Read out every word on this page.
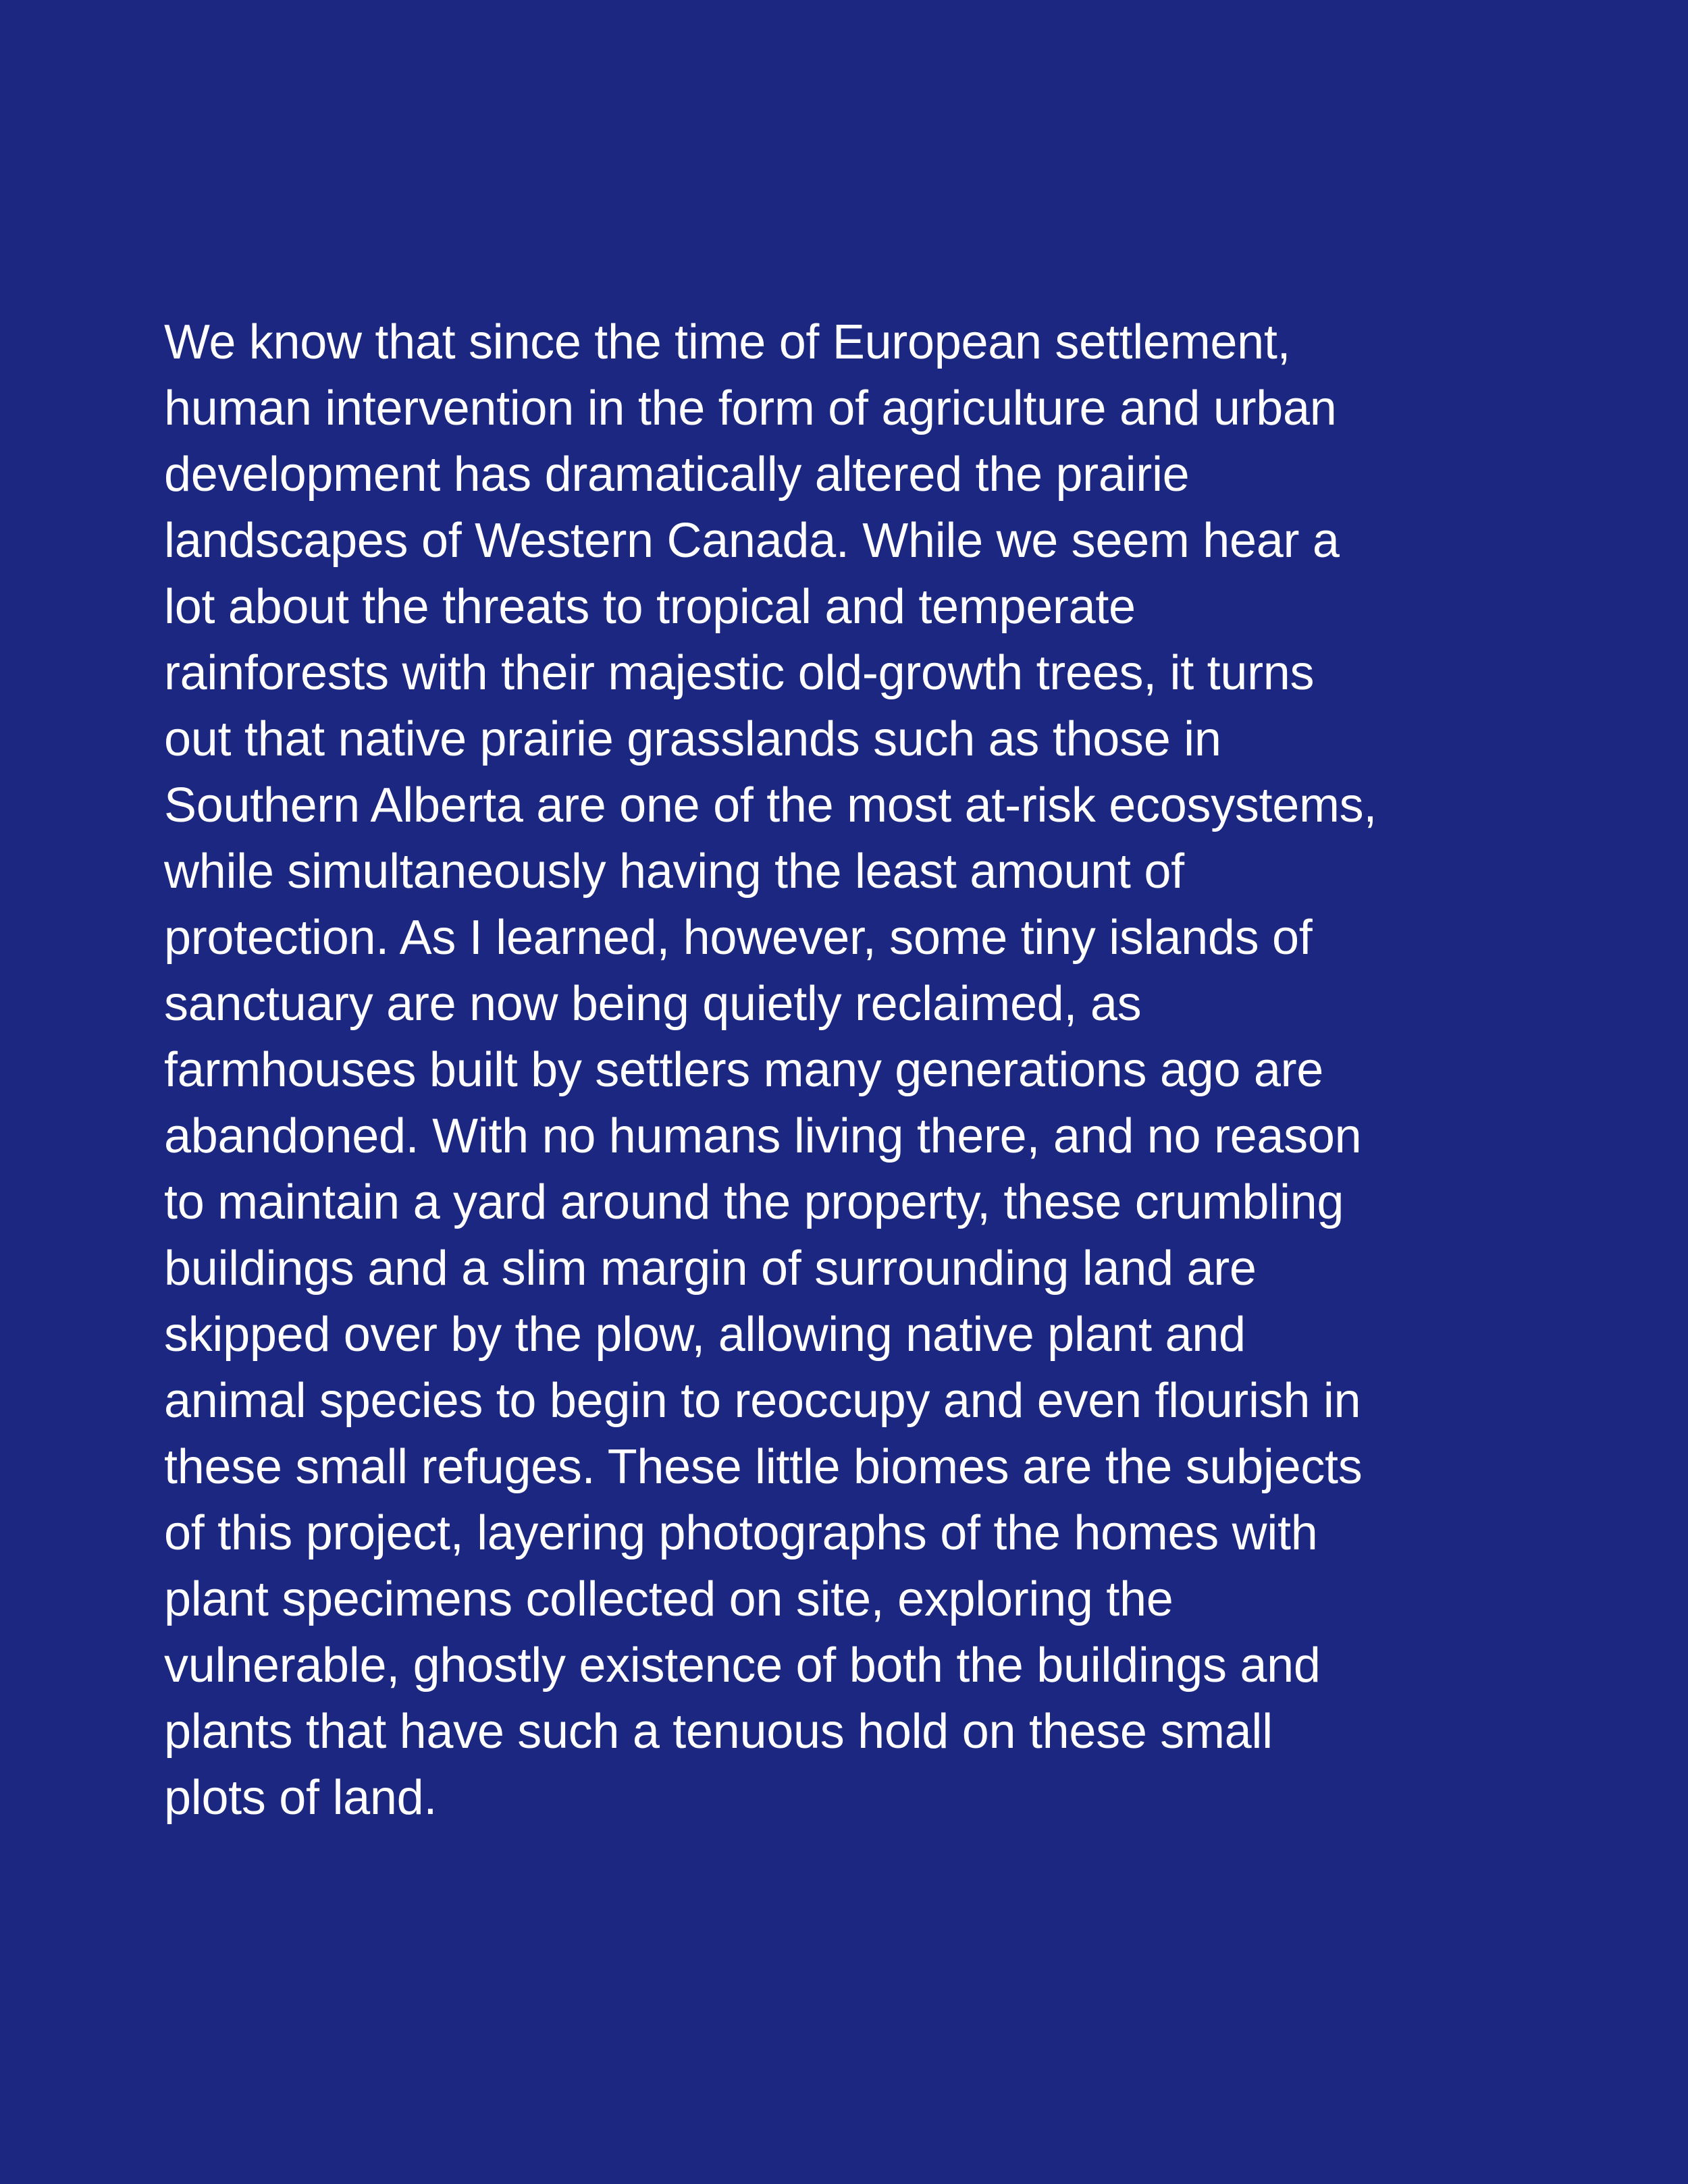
We know that since the time of European settlement,
human intervention in the form of agriculture and urban
development has dramatically altered the prairie
landscapes of Western Canada. While we seem hear a
lot about the threats to tropical and temperate
rainforests with their majestic old-growth trees, it turns
out that native prairie grasslands such as those in
Southern Alberta are one of the most at-risk ecosystems,
while simultaneously having the least amount of
protection. As I learned, however, some tiny islands of
sanctuary are now being quietly reclaimed, as
farmhouses built by settlers many generations ago are
abandoned. With no humans living there, and no reason
to maintain a yard around the property, these crumbling
buildings and a slim margin of surrounding land are
skipped over by the plow, allowing native plant and
animal species to begin to reoccupy and even flourish in
these small refuges. These little biomes are the subjects
of this project, layering photographs of the homes with
plant specimens collected on site, exploring the
vulnerable, ghostly existence of both the buildings and
plants that have such a tenuous hold on these small
plots of land.
